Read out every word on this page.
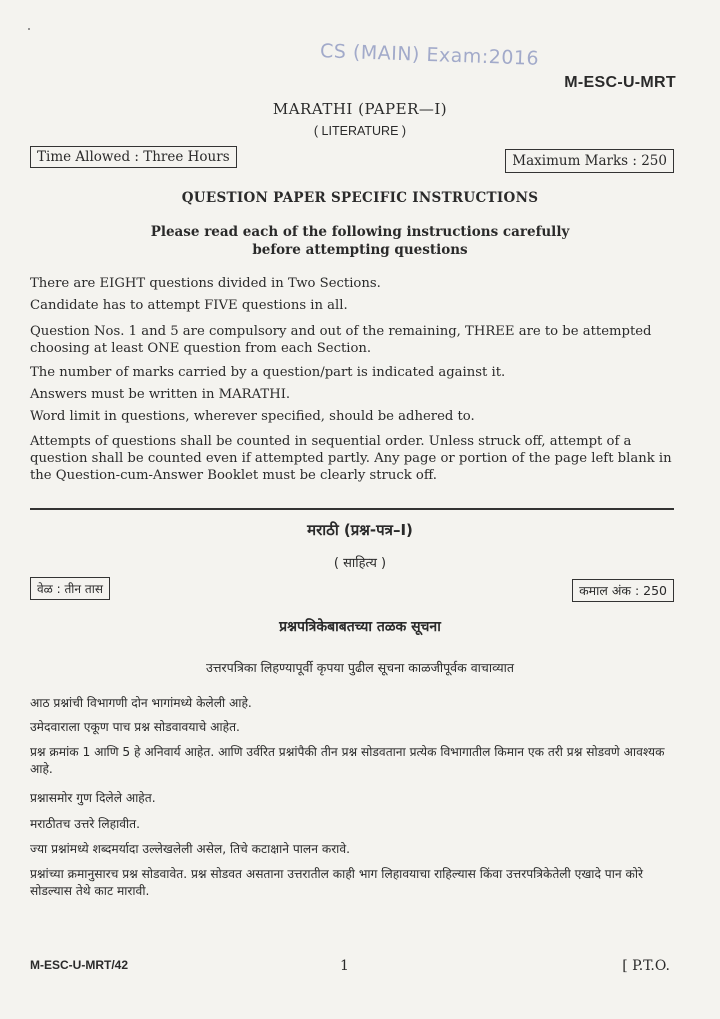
CS (MAIN) Exam:2016
M-ESC-U-MRT
MARATHI (PAPER—I)
( LITERATURE )
Time Allowed : Three Hours	Maximum Marks : 250
QUESTION PAPER SPECIFIC INSTRUCTIONS
Please read each of the following instructions carefully
before attempting questions
There are EIGHT questions divided in Two Sections.
Candidate has to attempt FIVE questions in all.
Question Nos. 1 and 5 are compulsory and out of the remaining, THREE are to be attempted choosing at least ONE question from each Section.
The number of marks carried by a question/part is indicated against it.
Answers must be written in MARATHI.
Word limit in questions, wherever specified, should be adhered to.
Attempts of questions shall be counted in sequential order. Unless struck off, attempt of a question shall be counted even if attempted partly. Any page or portion of the page left blank in the Question-cum-Answer Booklet must be clearly struck off.
मराठी (प्रश्न-पत्र–I)
( साहित्य )
वेळ : तीन तास	कमाल अंक : 250
प्रश्नपत्रिकेबाबतच्या तळक सूचना
उत्तरपत्रिका लिहण्यापूर्वी कृपया पुढील सूचना काळजीपूर्वक वाचाव्यात
आठ प्रश्नांची विभागणी दोन भागांमध्ये केलेली आहे.
उमेदवाराला एकूण पाच प्रश्न सोडवावयाचे आहेत.
प्रश्न क्रमांक 1 आणि 5 हे अनिवार्य आहेत. आणि उर्वरित प्रश्नांपैकी तीन प्रश्न सोडवताना प्रत्येक विभागातील किमान एक तरी प्रश्न सोडवणे आवश्यक आहे.
प्रश्नासमोर गुण दिलेले आहेत.
मराठीतच उत्तरे लिहावीत.
ज्या प्रश्नांमध्ये शब्दमर्यादा उल्लेखलेली असेल, तिचे कटाक्षाने पालन करावे.
प्रश्नांच्या क्रमानुसारच प्रश्न सोडवावेत. प्रश्न सोडवत असताना उत्तरातील काही भाग लिहावयाचा राहिल्यास किंवा उत्तरपत्रिकेतेली एखादे पान कोरे सोडल्यास तेथे काट मारावी.
M-ESC-U-MRT/42	1	[ P.T.O.
